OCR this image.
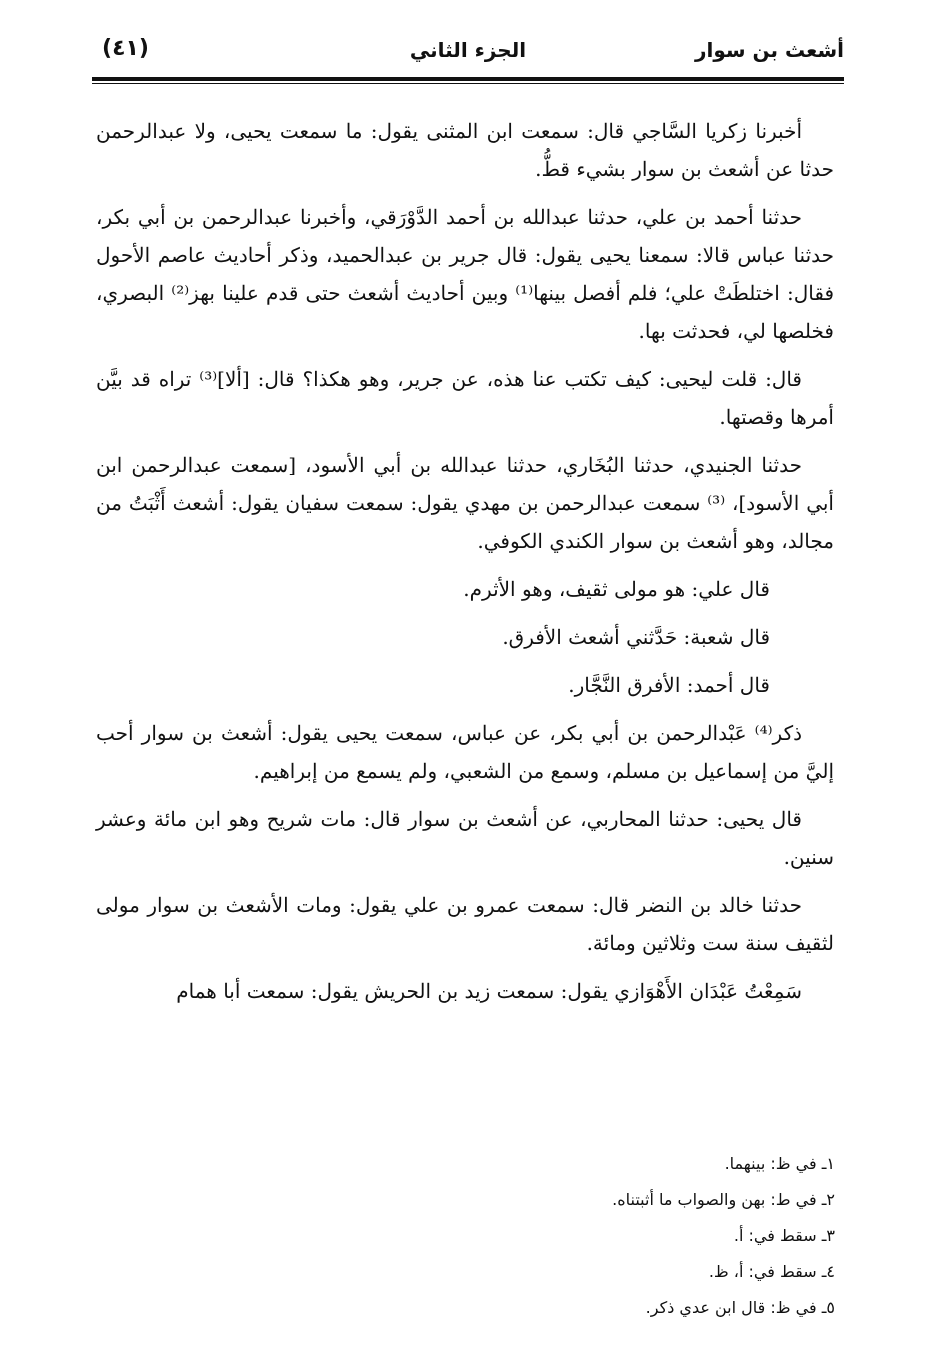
أشعث بن سوار
الجزء الثاني
(٤١)

أخبرنا زكريا السَّاجي قال: سمعت ابن المثنى يقول: ما سمعت يحيى، ولا عبدالرحمن حدثا عن أشعث بن سوار بشيء قطُّ.

حدثنا أحمد بن علي، حدثنا عبدالله بن أحمد الدَّوْرَقي، وأخبرنا عبدالرحمن بن أبي بكر، حدثنا عباس قالا: سمعنا يحيى يقول: قال جرير بن عبدالحميد، وذكر أحاديث عاصم الأحول فقال: اختلطَتْ علي؛ فلم أفصل بينها⁽¹⁾ وبين أحاديث أشعث حتى قدم علينا بهز⁽²⁾ البصري، فخلصها لي، فحدثت بها.

قال: قلت ليحيى: كيف تكتب عنا هذه، عن جرير، وهو هكذا؟ قال: [ألا]⁽³⁾ تراه قد بيَّن أمرها وقصتها.

حدثنا الجنيدي، حدثنا البُخَاري، حدثنا عبدالله بن أبي الأسود، [سمعت عبدالرحمن ابن أبي الأسود]، ⁽³⁾ سمعت عبدالرحمن بن مهدي يقول: سمعت سفيان يقول: أشعث أَثْبَتُ من مجالد، وهو أشعث بن سوار الكندي الكوفي.

قال علي: هو مولى ثقيف، وهو الأثرم.

قال شعبة: حَدَّثني أشعث الأفرق.

قال أحمد: الأفرق النَّجَّار.

ذكر⁽⁴⁾ عَبْدالرحمن بن أبي بكر، عن عباس، سمعت يحيى يقول: أشعث بن سوار أحب إليَّ من إسماعيل بن مسلم، وسمع من الشعبي، ولم يسمع من إبراهيم.

قال يحيى: حدثنا المحاربي، عن أشعث بن سوار قال: مات شريح وهو ابن مائة وعشر سنين.

حدثنا خالد بن النضر قال: سمعت عمرو بن علي يقول: ومات الأشعث بن سوار مولى لثقيف سنة ست وثلاثين ومائة.

سَمِعْتُ عَبْدَان الأَهْوَازي يقول: سمعت زيد بن الحريش يقول: سمعت أبا همام

١ـ في ظ: بينهما.
٢ـ في ط: بهن والصواب ما أثبتناه.
٣ـ سقط في: أ.
٤ـ سقط في: أ، ظ.
٥ـ في ظ: قال ابن عدي ذكر.
